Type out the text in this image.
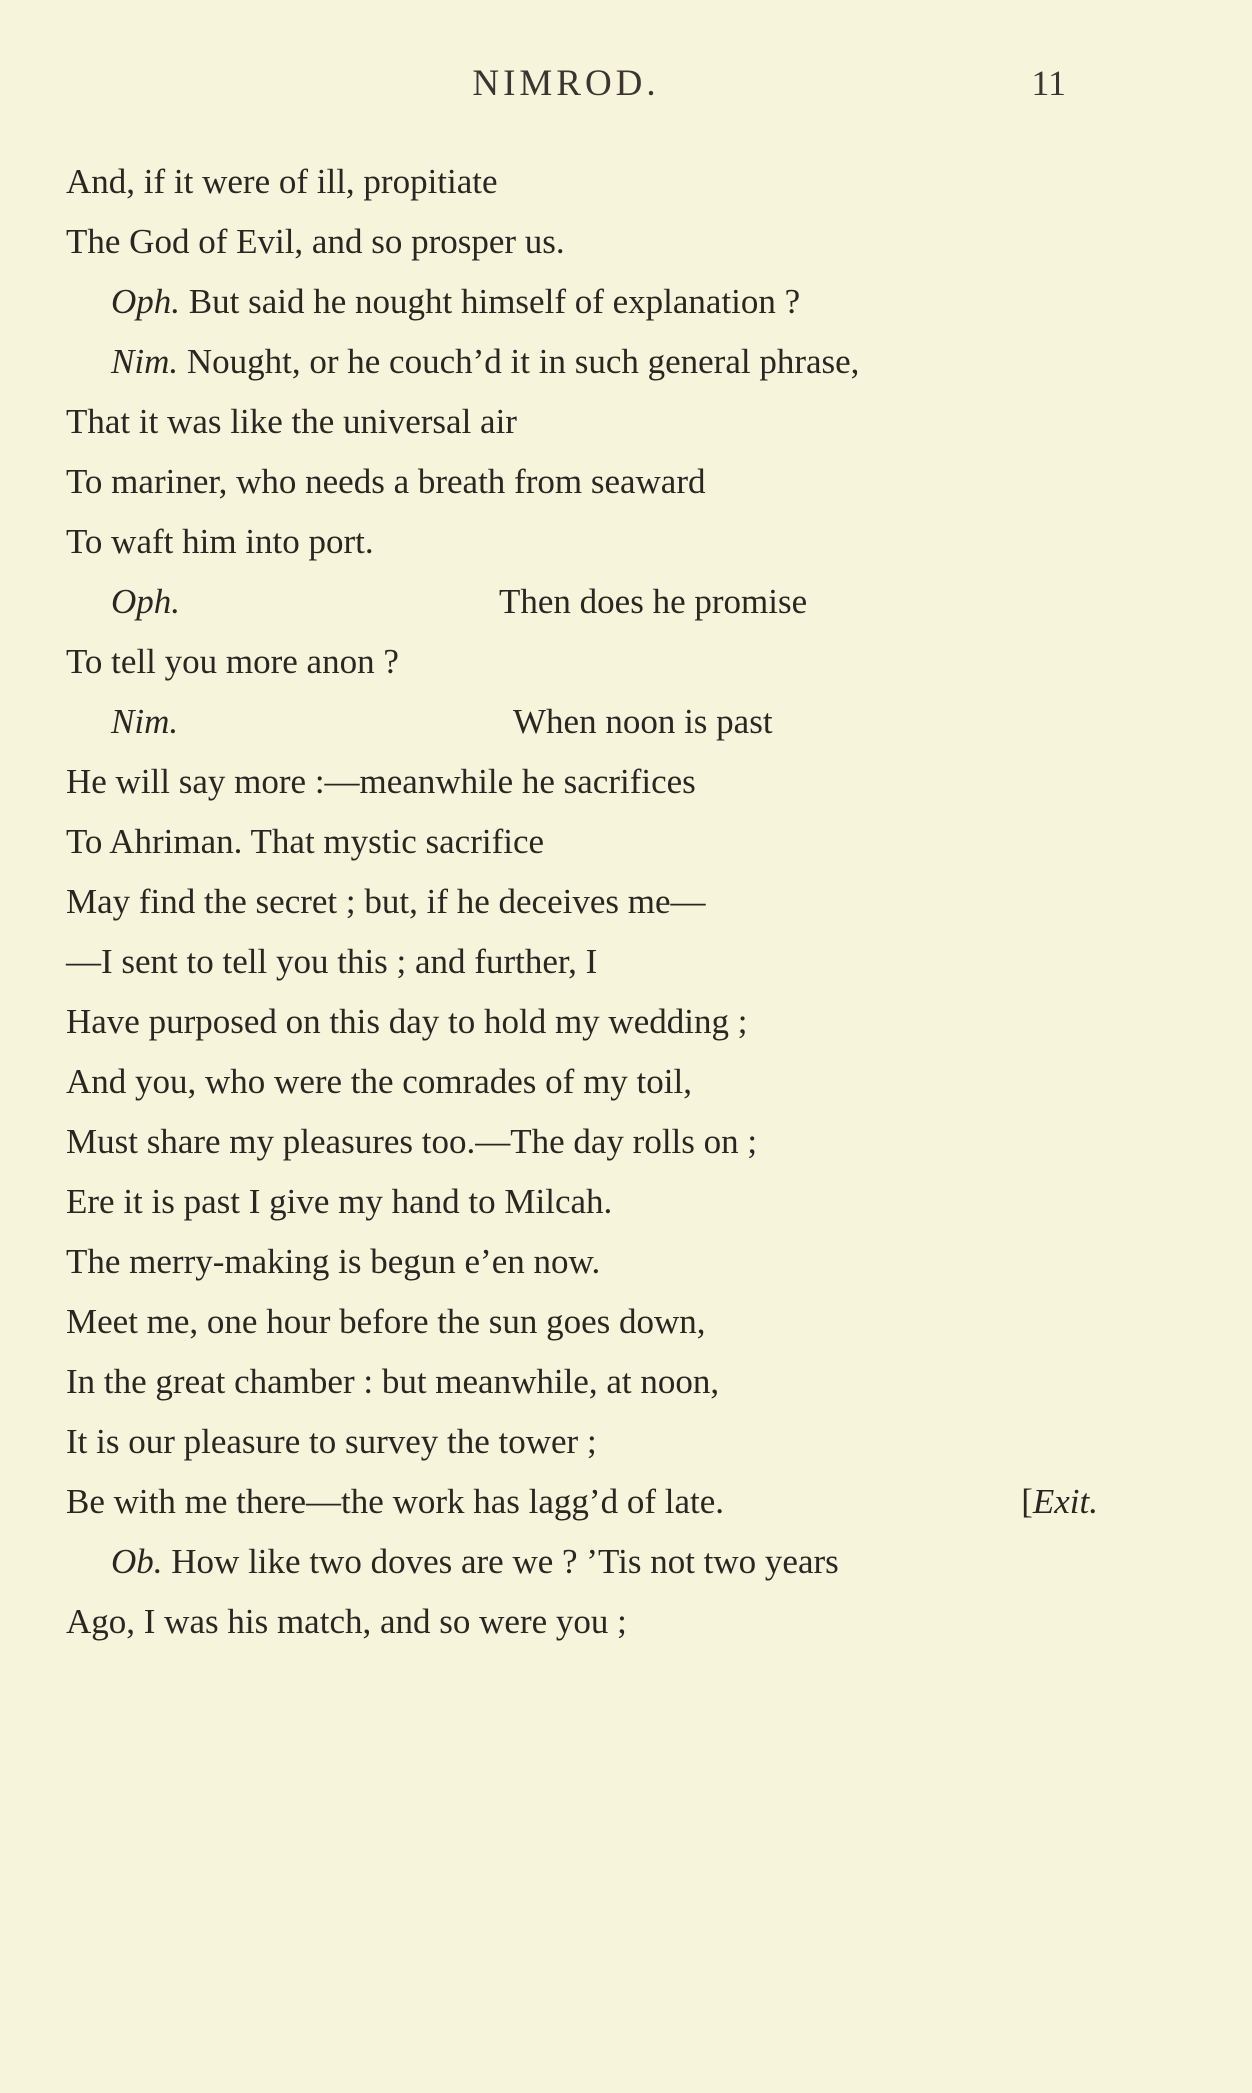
NIMROD.	11
And, if it were of ill, propitiate
The God of Evil, and so prosper us.
Oph. But said he nought himself of explanation ?
Nim. Nought, or he couch’d it in such general phrase,
That it was like the universal air
To mariner, who needs a breath from seaward
To waft him into port.
Oph.	Then does he promise
To tell you more anon ?
Nim.	When noon is past
He will say more :—meanwhile he sacrifices
To Ahriman. That mystic sacrifice
May find the secret ; but, if he deceives me—
—I sent to tell you this ; and further, I
Have purposed on this day to hold my wedding ;
And you, who were the comrades of my toil,
Must share my pleasures too.—The day rolls on ;
Ere it is past I give my hand to Milcah.
The merry-making is begun e’en now.
Meet me, one hour before the sun goes down,
In the great chamber : but meanwhile, at noon,
It is our pleasure to survey the tower ;
Be with me there—the work has lagg’d of late.	[Exit.
Ob. How like two doves are we ? ’Tis not two years
Ago, I was his match, and so were you ;
